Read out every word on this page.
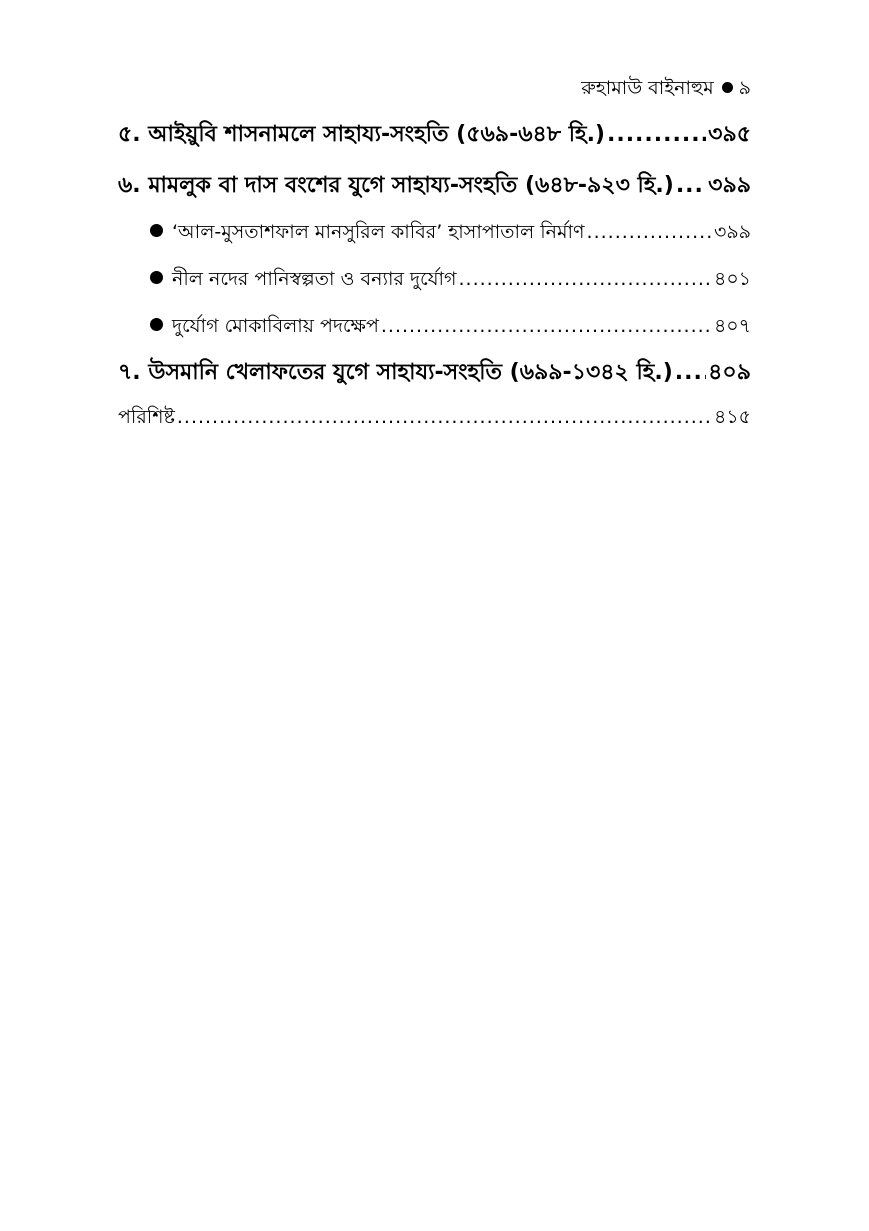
রুহামাউ বাইনাহুম ৯
৫. আইয়ুবি শাসনামলে সাহায্য-সংহতি (৫৬৯-৬৪৮ হি.) .....	৩৯৫
৬. মামলুক বা দাস বংশের যুগে সাহায্য-সংহতি (৬৪৮-৯২৩ হি.) ..... ৩৯৯
‘আল-মুসতাশফাল মানসুরিল কাবির’ হাসাপাতাল নির্মাণ .....	৩৯৯
নীল নদের পানিস্বল্পতা ও বন্যার দুর্যোগ .....	৪০১
দুর্যোগ মোকাবিলায় পদক্ষেপ .....	৪০৭
৭. উসমানি খেলাফতের যুগে সাহায্য-সংহতি (৬৯৯-১৩৪২ হি.) ..... ৪০৯
পরিশিষ্ট .....	৪১৫
